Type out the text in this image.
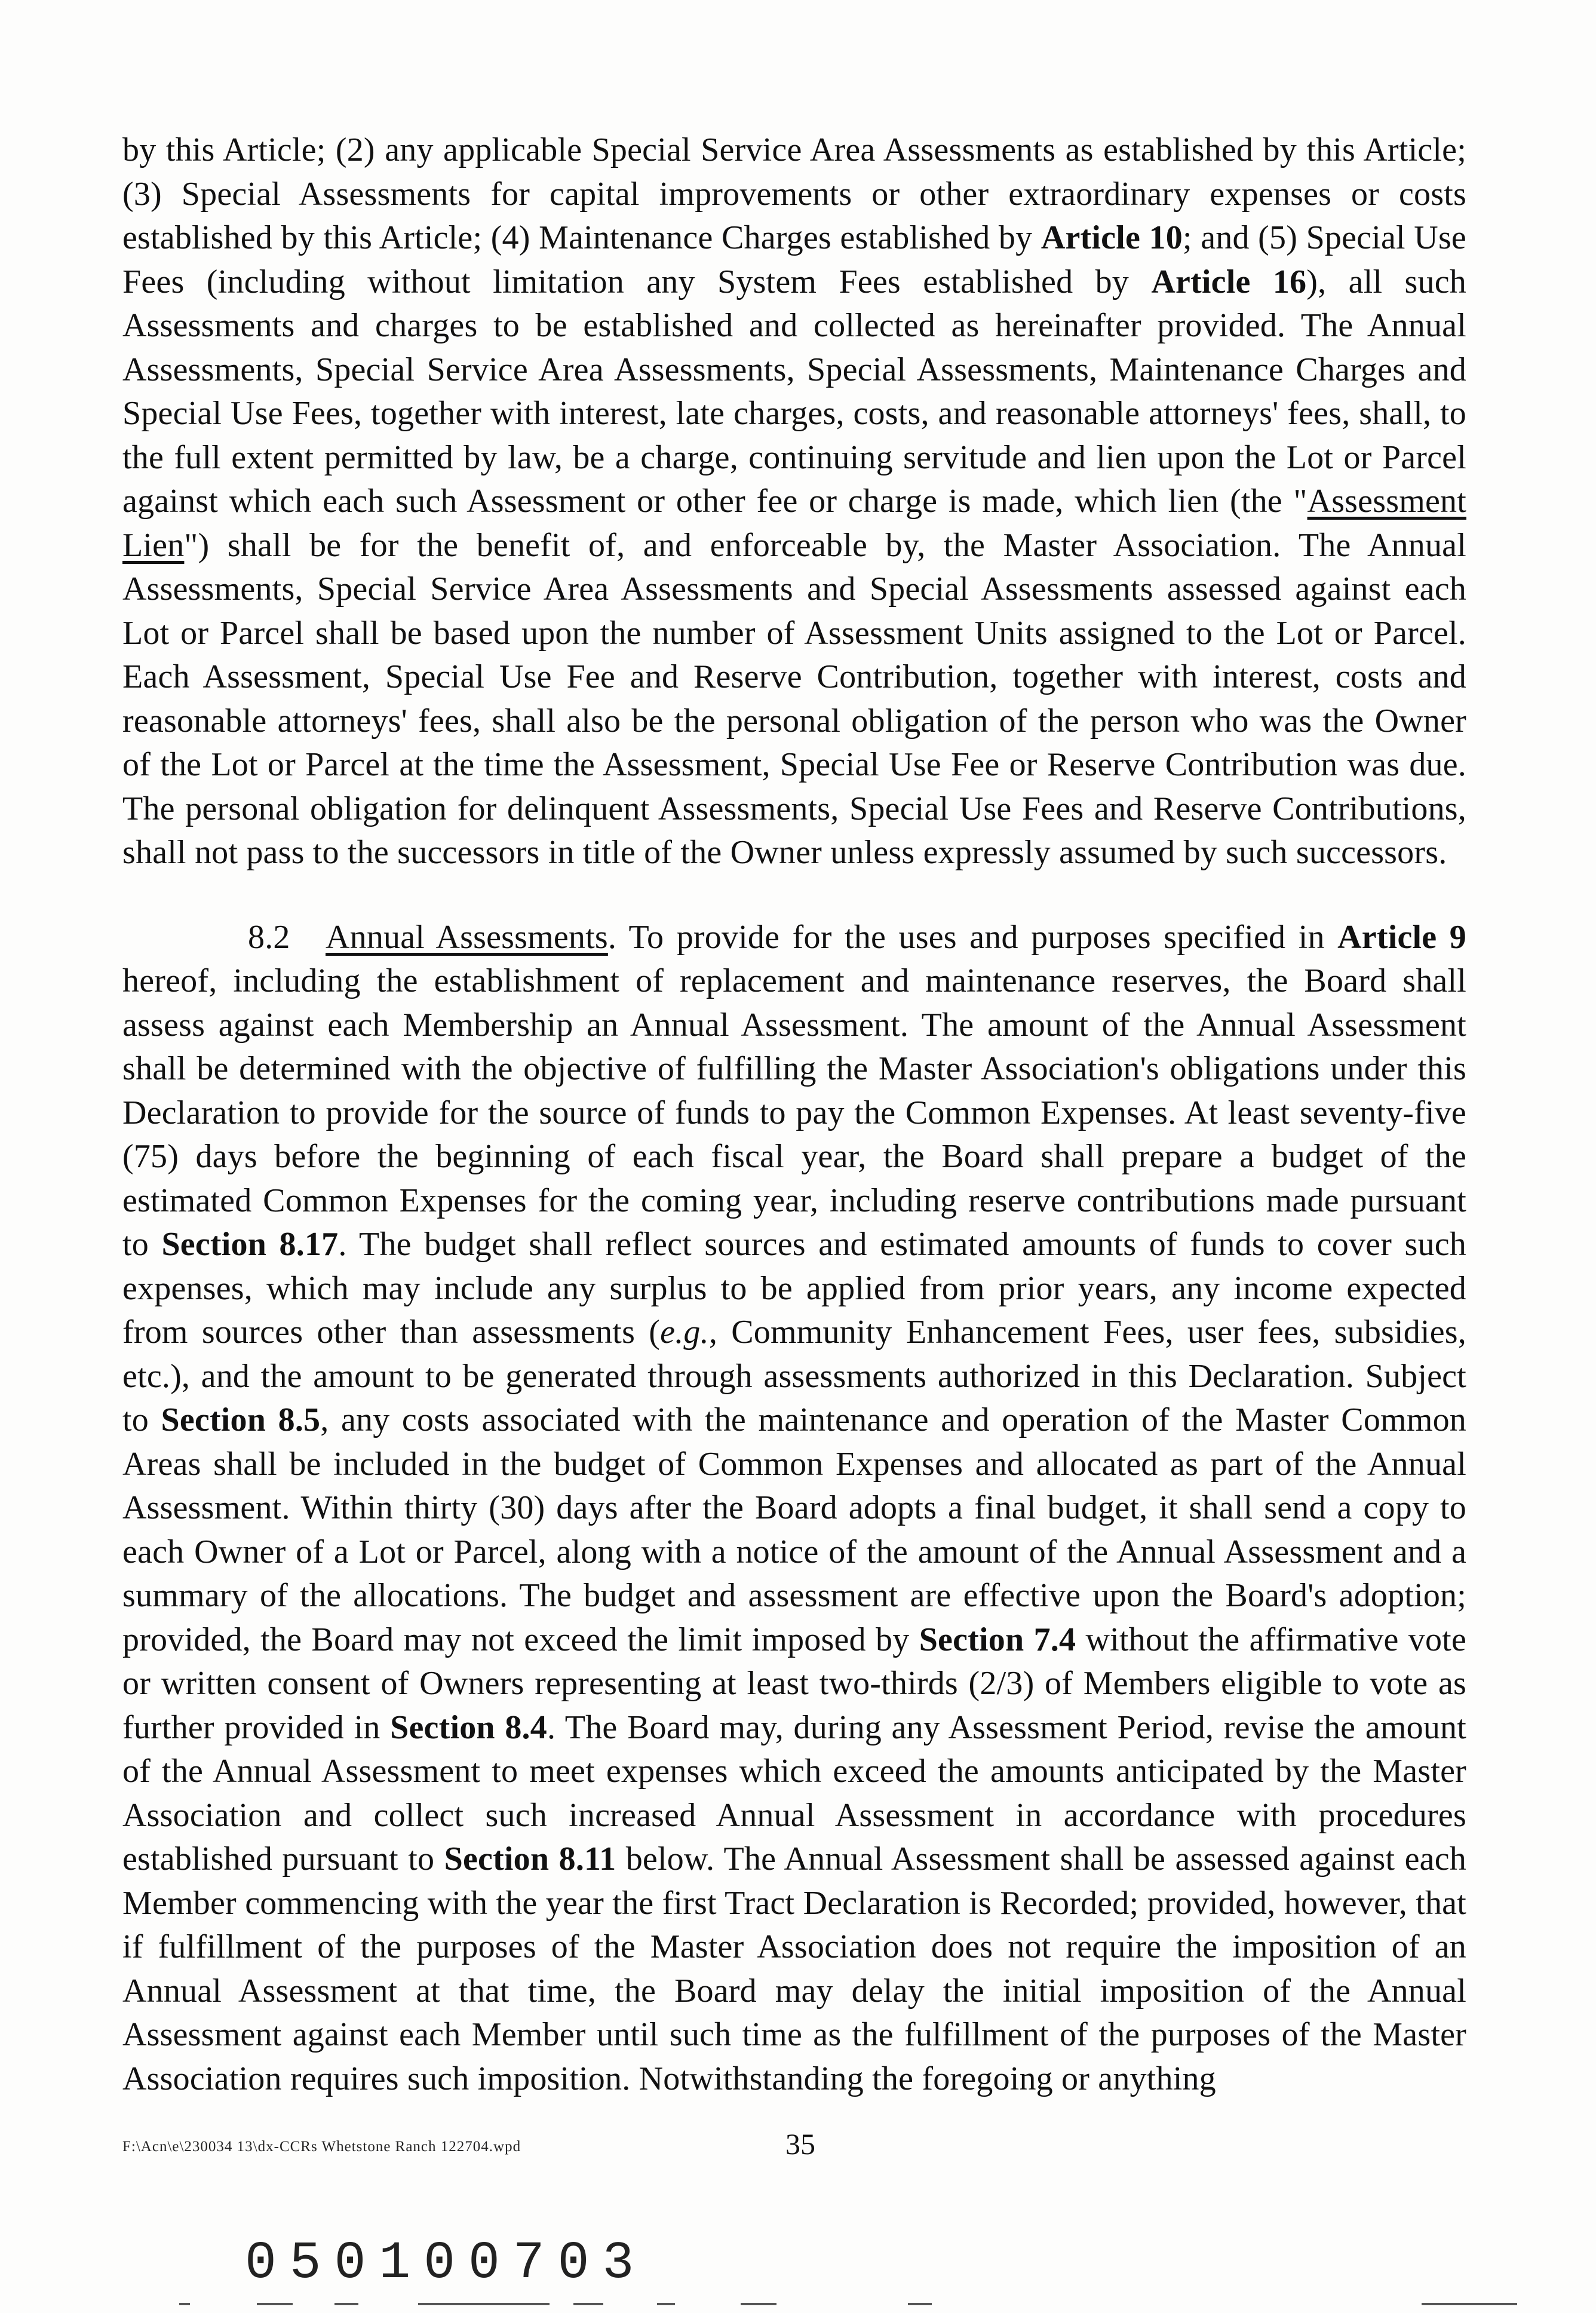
by this Article; (2) any applicable Special Service Area Assessments as established by this Article; (3) Special Assessments for capital improvements or other extraordinary expenses or costs established by this Article; (4) Maintenance Charges established by Article 10; and (5) Special Use Fees (including without limitation any System Fees established by Article 16), all such Assessments and charges to be established and collected as hereinafter provided. The Annual Assessments, Special Service Area Assessments, Special Assessments, Maintenance Charges and Special Use Fees, together with interest, late charges, costs, and reasonable attorneys' fees, shall, to the full extent permitted by law, be a charge, continuing servitude and lien upon the Lot or Parcel against which each such Assessment or other fee or charge is made, which lien (the "Assessment Lien") shall be for the benefit of, and enforceable by, the Master Association. The Annual Assessments, Special Service Area Assessments and Special Assessments assessed against each Lot or Parcel shall be based upon the number of Assessment Units assigned to the Lot or Parcel. Each Assessment, Special Use Fee and Reserve Contribution, together with interest, costs and reasonable attorneys' fees, shall also be the personal obligation of the person who was the Owner of the Lot or Parcel at the time the Assessment, Special Use Fee or Reserve Contribution was due. The personal obligation for delinquent Assessments, Special Use Fees and Reserve Contributions, shall not pass to the successors in title of the Owner unless expressly assumed by such successors.

8.2 Annual Assessments. To provide for the uses and purposes specified in Article 9 hereof, including the establishment of replacement and maintenance reserves, the Board shall assess against each Membership an Annual Assessment. The amount of the Annual Assessment shall be determined with the objective of fulfilling the Master Association's obligations under this Declaration to provide for the source of funds to pay the Common Expenses. At least seventy-five (75) days before the beginning of each fiscal year, the Board shall prepare a budget of the estimated Common Expenses for the coming year, including reserve contributions made pursuant to Section 8.17. The budget shall reflect sources and estimated amounts of funds to cover such expenses, which may include any surplus to be applied from prior years, any income expected from sources other than assessments (e.g., Community Enhancement Fees, user fees, subsidies, etc.), and the amount to be generated through assessments authorized in this Declaration. Subject to Section 8.5, any costs associated with the maintenance and operation of the Master Common Areas shall be included in the budget of Common Expenses and allocated as part of the Annual Assessment. Within thirty (30) days after the Board adopts a final budget, it shall send a copy to each Owner of a Lot or Parcel, along with a notice of the amount of the Annual Assessment and a summary of the allocations. The budget and assessment are effective upon the Board's adoption; provided, the Board may not exceed the limit imposed by Section 7.4 without the affirmative vote or written consent of Owners representing at least two-thirds (2/3) of Members eligible to vote as further provided in Section 8.4. The Board may, during any Assessment Period, revise the amount of the Annual Assessment to meet expenses which exceed the amounts anticipated by the Master Association and collect such increased Annual Assessment in accordance with procedures established pursuant to Section 8.11 below. The Annual Assessment shall be assessed against each Member commencing with the year the first Tract Declaration is Recorded; provided, however, that if fulfillment of the purposes of the Master Association does not require the imposition of an Annual Assessment at that time, the Board may delay the initial imposition of the Annual Assessment against each Member until such time as the fulfillment of the purposes of the Master Association requires such imposition. Notwithstanding the foregoing or anything

F:\Acn\e\230034 13\dx-CCRs Whetstone Ranch 122704.wpd	35
050100703
